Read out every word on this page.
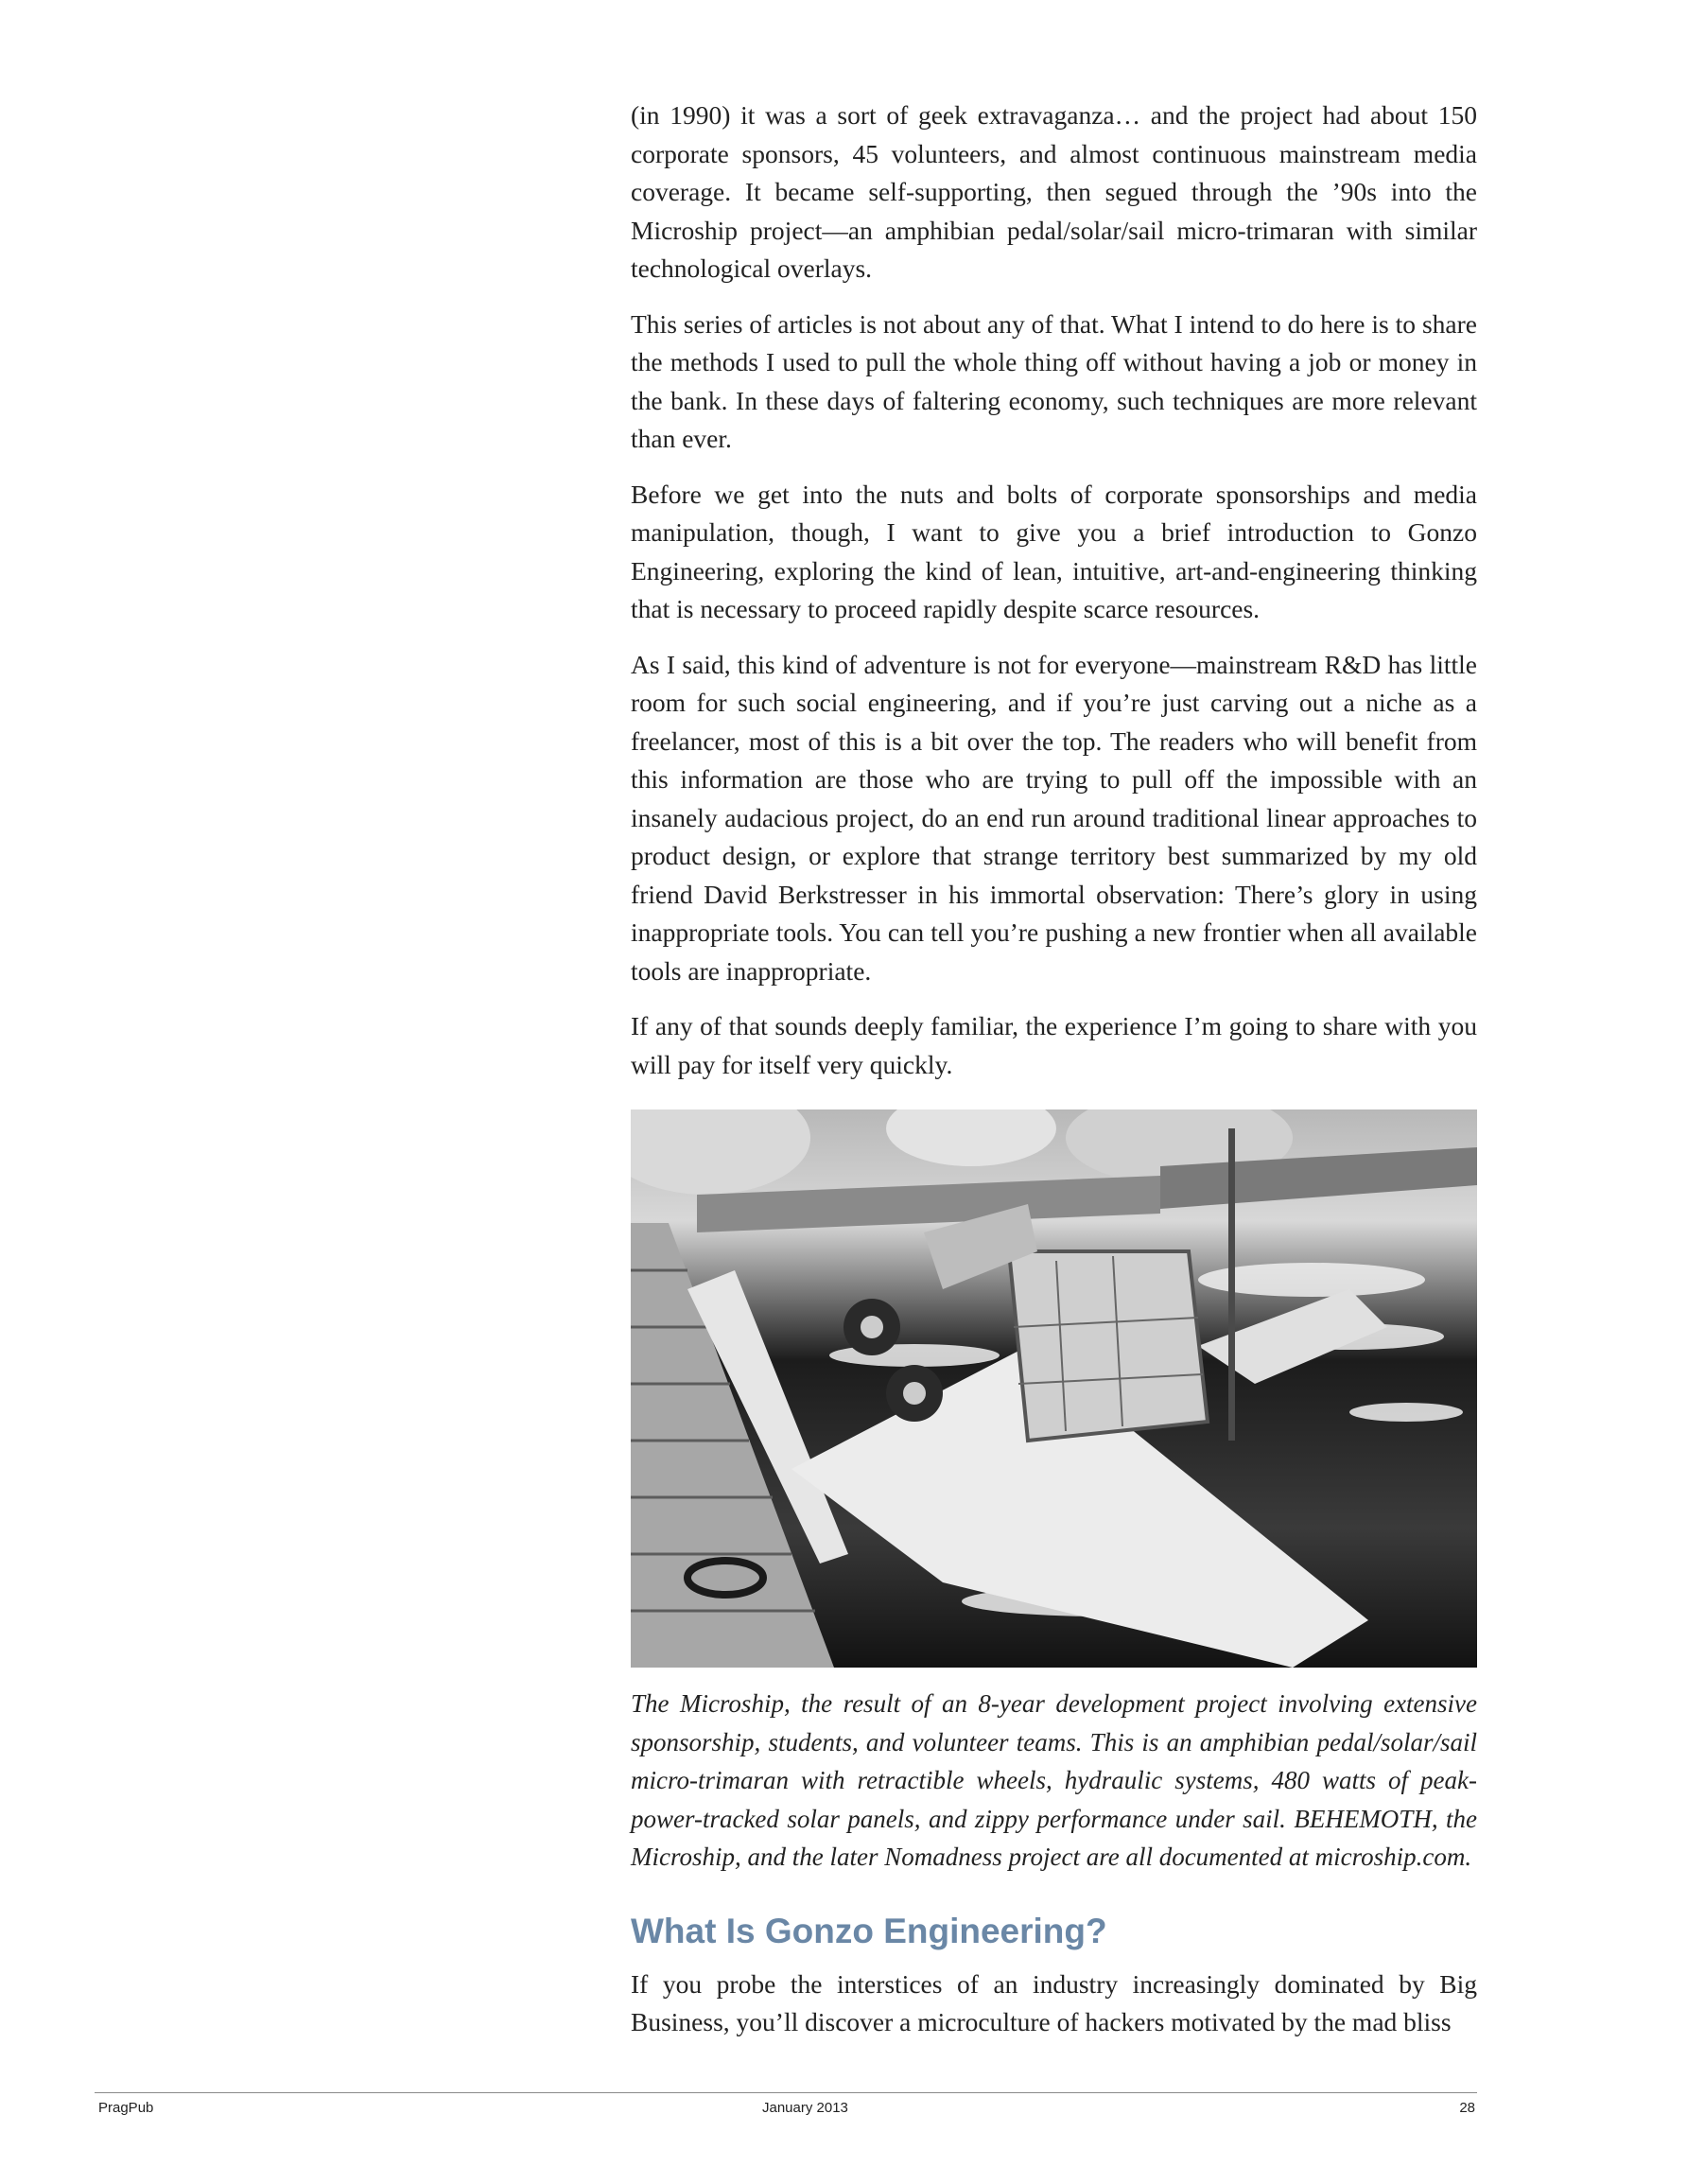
(in 1990) it was a sort of geek extravaganza… and the project had about 150 corporate sponsors, 45 volunteers, and almost continuous mainstream media coverage. It became self-supporting, then segued through the ’90s into the Microship project—an amphibian pedal/solar/sail micro-trimaran with similar technological overlays.

This series of articles is not about any of that. What I intend to do here is to share the methods I used to pull the whole thing off without having a job or money in the bank. In these days of faltering economy, such techniques are more relevant than ever.

Before we get into the nuts and bolts of corporate sponsorships and media manipulation, though, I want to give you a brief introduction to Gonzo Engineering, exploring the kind of lean, intuitive, art-and-engineering thinking that is necessary to proceed rapidly despite scarce resources.

As I said, this kind of adventure is not for everyone—mainstream R&D has little room for such social engineering, and if you’re just carving out a niche as a freelancer, most of this is a bit over the top. The readers who will benefit from this information are those who are trying to pull off the impossible with an insanely audacious project, do an end run around traditional linear approaches to product design, or explore that strange territory best summarized by my old friend David Berkstresser in his immortal observation: There’s glory in using inappropriate tools. You can tell you’re pushing a new frontier when all available tools are inappropriate.

If any of that sounds deeply familiar, the experience I’m going to share with you will pay for itself very quickly.

The Microship, the result of an 8-year development project involving extensive sponsorship, students, and volunteer teams. This is an amphibian pedal/solar/sail micro-trimaran with retractible wheels, hydraulic systems, 480 watts of peak-power-tracked solar panels, and zippy performance under sail. BEHEMOTH, the Microship, and the later Nomadness project are all documented at microship.com.

What Is Gonzo Engineering?

If you probe the interstices of an industry increasingly dominated by Big Business, you’ll discover a microculture of hackers motivated by the mad bliss

PragPub	January 2013	28
